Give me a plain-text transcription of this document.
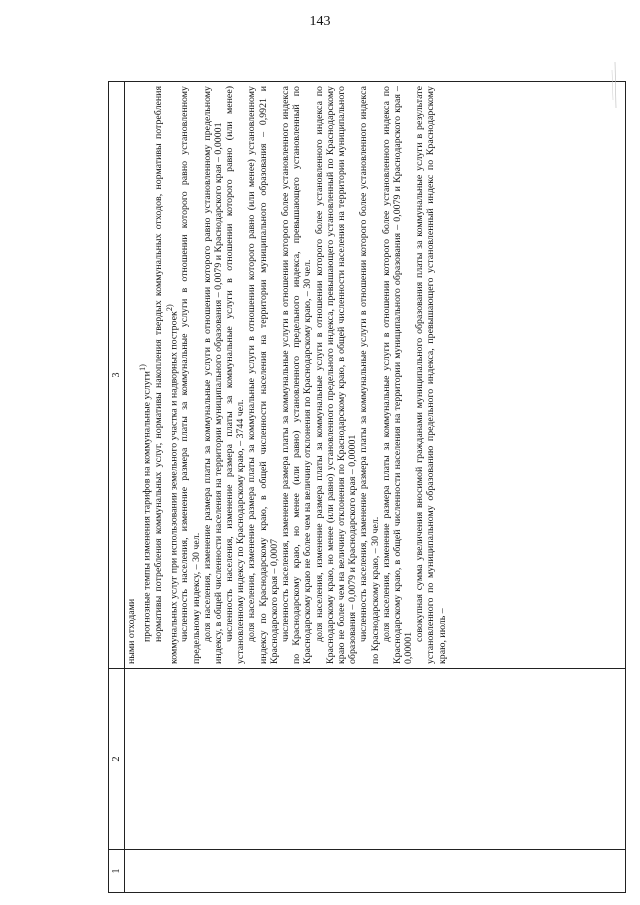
143
1
2
3

ными отходами прогнозные темпы изменения тарифов на коммунальные услуги$^{1)}$ нормативы потребления коммунальных услуг, нормативы накопления твердых коммунальных отходов, нормативы потребления коммунальных услуг при использовании земельного участка и надворных построек$^{2)}$ численность населения, изменение размера платы за коммунальные услуги в отношении которого равно установленному предельному индексу, – 30 чел. доля населения, изменение размера платы за коммунальные услуги в отношении которого равно установленному предельному индексу, в общей численности населения на территории муниципального образования – 0,0079 и Краснодарского края – 0,00001 численность населения, изменение размера платы за коммунальные услуги в отношении которого равно (или менее) установленному индексу по Краснодарскому краю, – 3744 чел. доля населения, изменение размера платы за коммунальные услуги в отношении которого равно (или менее) установленному индексу по Краснодарскому краю, в общей численности населения на территории муниципального образования – 0,9921 и Краснодарского края – 0,0007 численность населения, изменение размера платы за коммунальные услуги в отношении которого более установленного индекса по Краснодарскому краю, но менее (или равно) установленного предельного индекса, превышающего установленный по Краснодарскому краю не более чем на величину отклонения по Краснодарскому краю, – 30 чел. доля населения, изменение размера платы за коммунальные услуги в отношении которого более установленного индекса по Краснодарскому краю, но менее (или равно) установленного предельного индекса, превышающего установленный по Краснодарскому краю не более чем на величину отклонения по Краснодарскому краю, в общей численности населения на территории муниципального образования – 0,0079 и Краснодарского края – 0,00001 численность населения, изменение размера платы за коммунальные услуги в отношении которого более установленного индекса по Краснодарскому краю, – 30 чел. доля населения, изменение размера платы за коммунальные услуги в отношении которого более установленного индекса по Краснодарскому краю, в общей численности населения на территории муниципального образования – 0,0079 и Краснодарского края – 0,00001

совокупная сумма увеличения вносимой гражданами муниципального образования платы за коммунальные услуги в результате установленного по муниципальному образованию предельного индекса, превышающего установленный индекс по Краснодарскому краю, июль –
